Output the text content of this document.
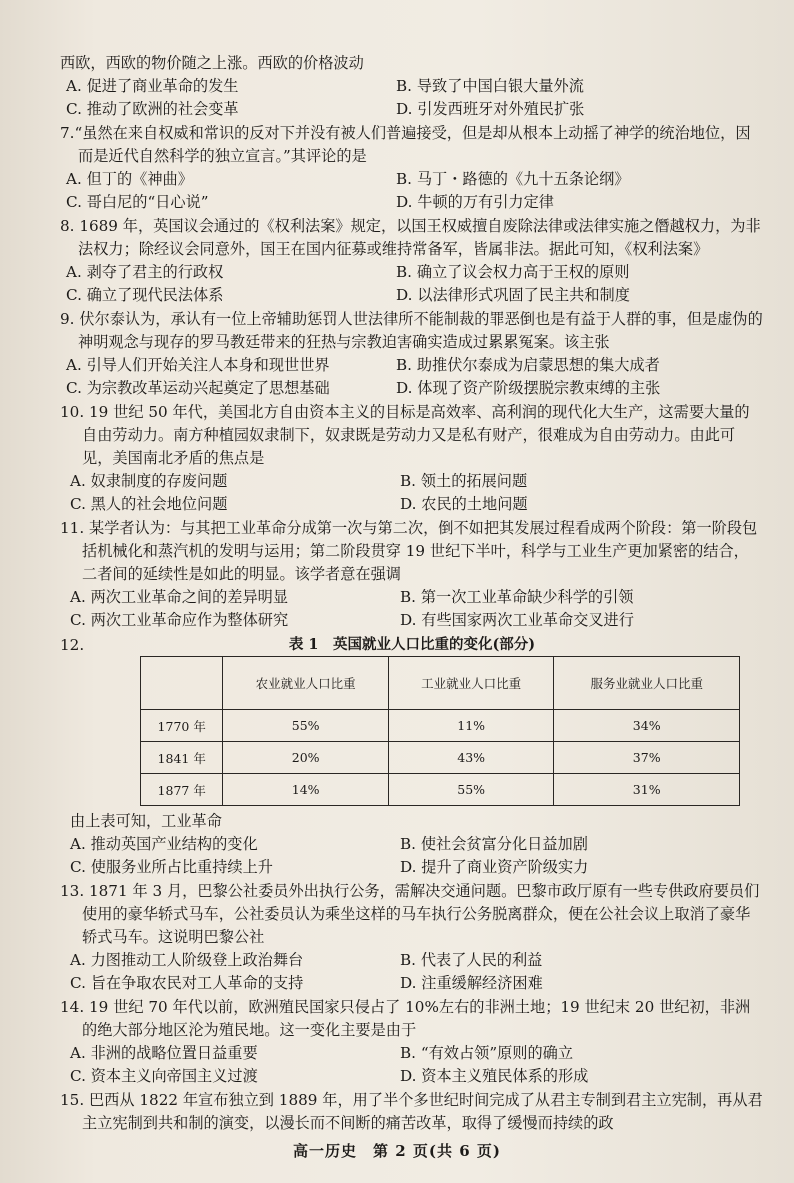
西欧，西欧的物价随之上涨。西欧的价格波动
A. 促进了商业革命的发生	B. 导致了中国白银大量外流
C. 推动了欧洲的社会变革	D. 引发西班牙对外殖民扩张
7.“虽然在来自权威和常识的反对下并没有被人们普遍接受，但是却从根本上动摇了神学的统治地位，因而是近代自然科学的独立宣言。”其评论的是
A. 但丁的《神曲》	B. 马丁・路德的《九十五条论纲》
C. 哥白尼的“日心说”	D. 牛顿的万有引力定律
8. 1689 年，英国议会通过的《权利法案》规定，以国王权威擅自废除法律或法律实施之僭越权力，为非法权力；除经议会同意外，国王在国内征募或维持常备军，皆属非法。据此可知，《权利法案》
A. 剥夺了君主的行政权	B. 确立了议会权力高于王权的原则
C. 确立了现代民法体系	D. 以法律形式巩固了民主共和制度
9. 伏尔泰认为，承认有一位上帝辅助惩罚人世法律所不能制裁的罪恶倒也是有益于人群的事，但是虚伪的神明观念与现存的罗马教廷带来的狂热与宗教迫害确实造成过累累冤案。该主张
A. 引导人们开始关注人本身和现世世界	B. 助推伏尔泰成为启蒙思想的集大成者
C. 为宗教改革运动兴起奠定了思想基础	D. 体现了资产阶级摆脱宗教束缚的主张
10. 19 世纪 50 年代，美国北方自由资本主义的目标是高效率、高利润的现代化大生产，这需要大量的自由劳动力。南方种植园奴隶制下，奴隶既是劳动力又是私有财产，很难成为自由劳动力。由此可见，美国南北矛盾的焦点是
A. 奴隶制度的存废问题	B. 领土的拓展问题
C. 黑人的社会地位问题	D. 农民的土地问题
11. 某学者认为：与其把工业革命分成第一次与第二次，倒不如把其发展过程看成两个阶段：第一阶段包括机械化和蒸汽机的发明与运用；第二阶段贯穿 19 世纪下半叶，科学与工业生产更加紧密的结合，二者间的延续性是如此的明显。该学者意在强调
A. 两次工业革命之间的差异明显	B. 第一次工业革命缺少科学的引领
C. 两次工业革命应作为整体研究	D. 有些国家两次工业革命交叉进行
12.	表 1　英国就业人口比重的变化(部分)
	农业就业人口比重	工业就业人口比重	服务业就业人口比重
1770 年	55%	11%	34%
1841 年	20%	43%	37%
1877 年	14%	55%	31%
由上表可知，工业革命
A. 推动英国产业结构的变化	B. 使社会贫富分化日益加剧
C. 使服务业所占比重持续上升	D. 提升了商业资产阶级实力
13. 1871 年 3 月，巴黎公社委员外出执行公务，需解决交通问题。巴黎市政厅原有一些专供政府要员们使用的豪华轿式马车，公社委员认为乘坐这样的马车执行公务脱离群众，便在公社会议上取消了豪华轿式马车。这说明巴黎公社
A. 力图推动工人阶级登上政治舞台	B. 代表了人民的利益
C. 旨在争取农民对工人革命的支持	D. 注重缓解经济困难
14. 19 世纪 70 年代以前，欧洲殖民国家只侵占了 10%左右的非洲土地；19 世纪末 20 世纪初，非洲的绝大部分地区沦为殖民地。这一变化主要是由于
A. 非洲的战略位置日益重要	B. “有效占领”原则的确立
C. 资本主义向帝国主义过渡	D. 资本主义殖民体系的形成
15. 巴西从 1822 年宣布独立到 1889 年，用了半个多世纪时间完成了从君主专制到君主立宪制，再从君主立宪制到共和制的演变，以漫长而不间断的痛苦改革，取得了缓慢而持续的政
高一历史　第 2 页(共 6 页)
